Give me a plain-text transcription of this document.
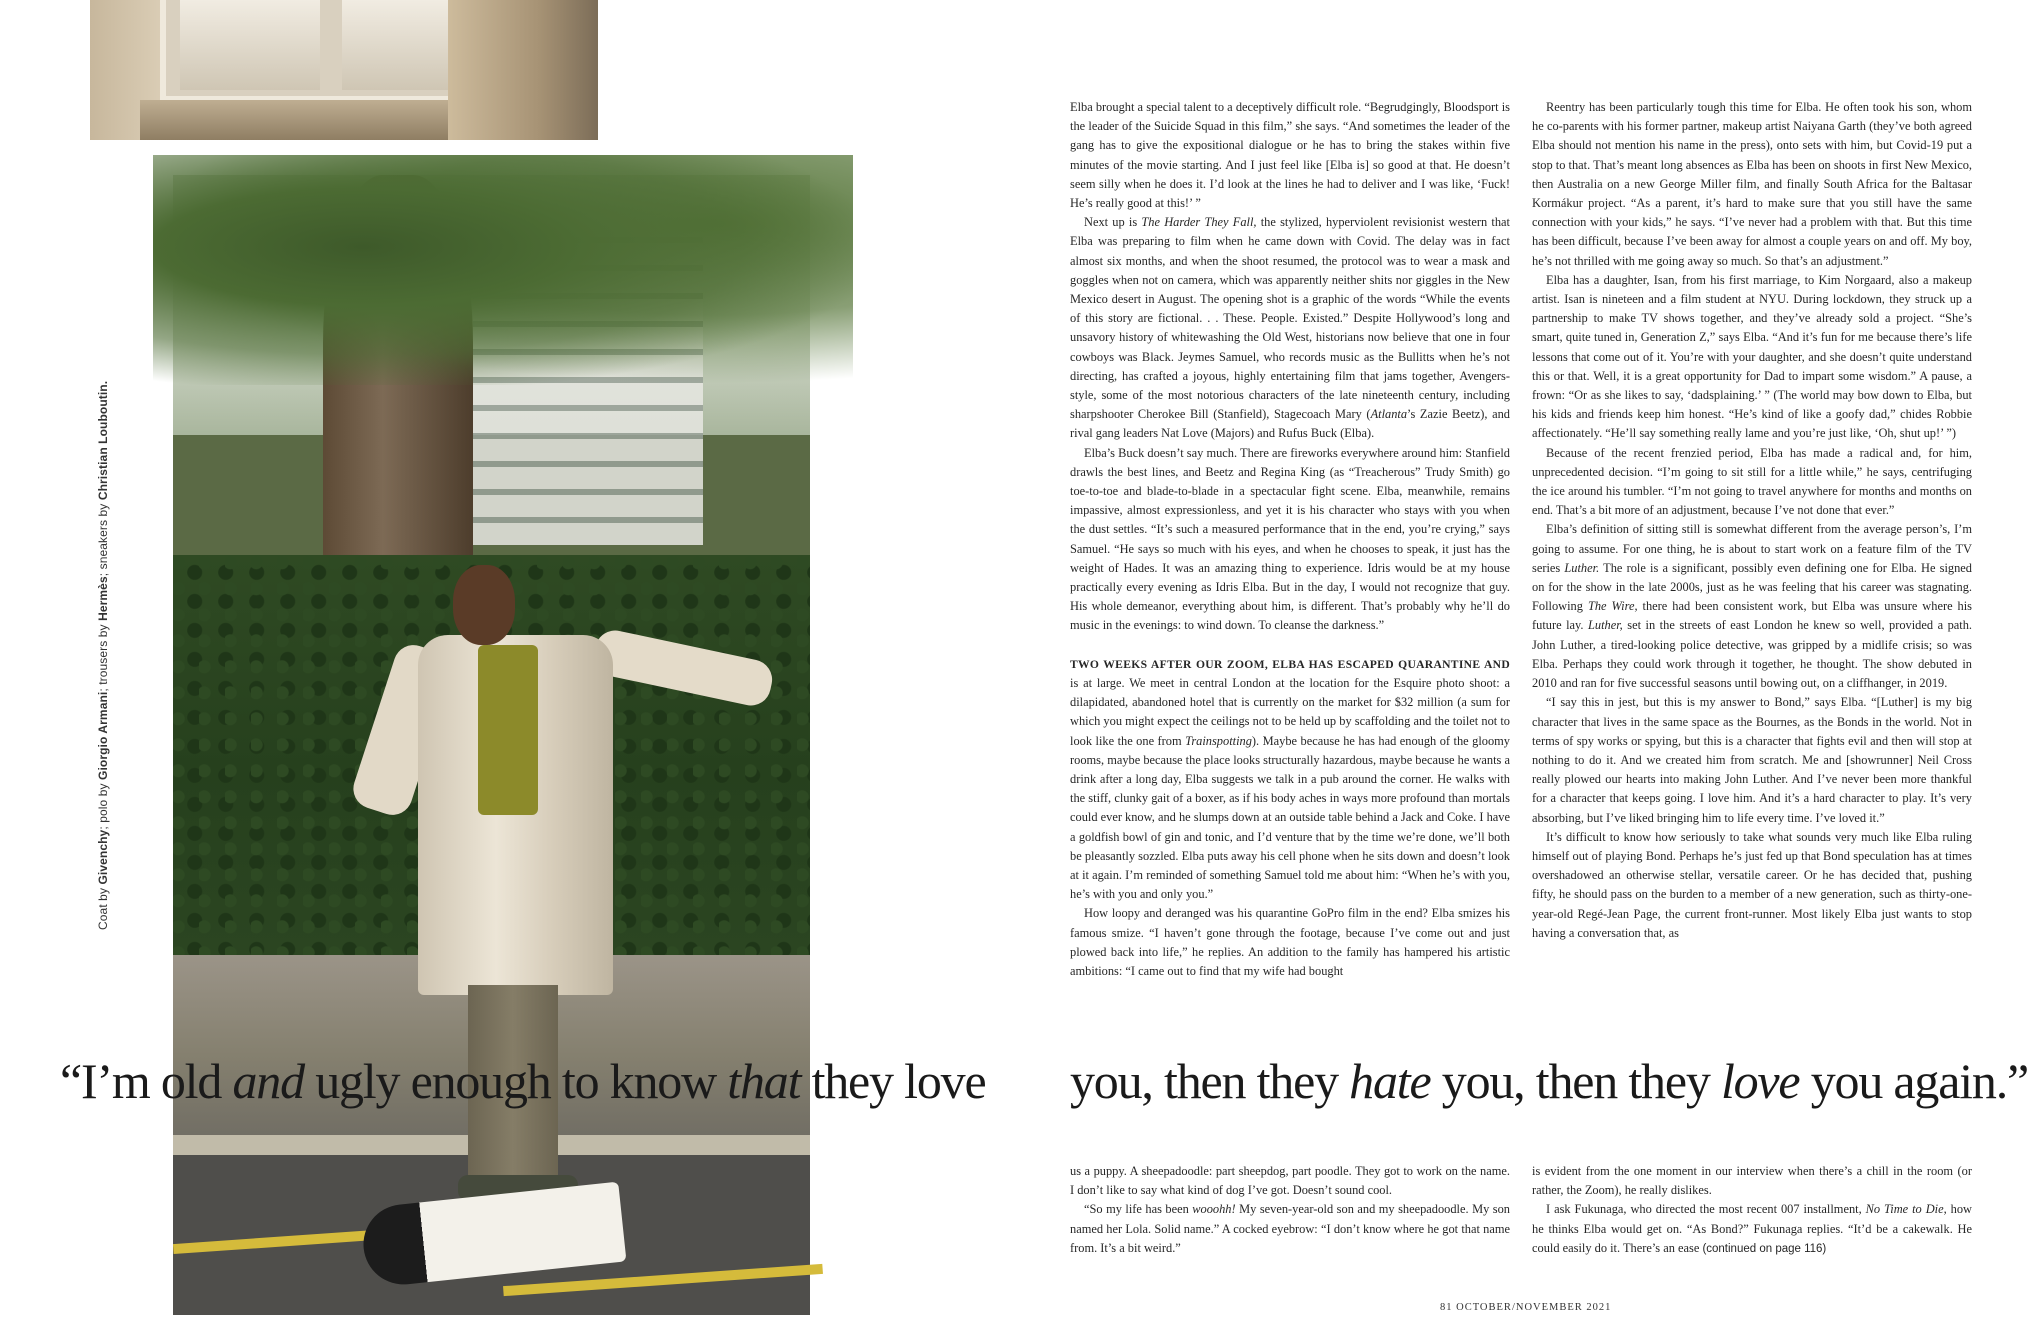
Coat by Givenchy; polo by Giorgio Armani; trousers by Hermès; sneakers by Christian Louboutin.
“I’m old and ugly enough to know that they love you, then they hate you, then they love you again.”

Elba brought a special talent to a deceptively difficult role. “Begrudgingly, Bloodsport is the leader of the Suicide Squad in this film,” she says. “And sometimes the leader of the gang has to give the expositional dialogue or he has to bring the stakes within five minutes of the movie starting. And I just feel like [Elba is] so good at that. He doesn’t seem silly when he does it. I’d look at the lines he had to deliver and I was like, ‘Fuck! He’s really good at this!’ ”

Next up is The Harder They Fall, the stylized, hyperviolent revisionist western that Elba was preparing to film when he came down with Covid. The delay was in fact almost six months, and when the shoot resumed, the protocol was to wear a mask and goggles when not on camera, which was apparently neither shits nor giggles in the New Mexico desert in August. The opening shot is a graphic of the words “While the events of this story are fictional. . . These. People. Existed.” Despite Hollywood’s long and unsavory history of whitewashing the Old West, historians now believe that one in four cowboys was Black. Jeymes Samuel, who records music as the Bullitts when he’s not directing, has crafted a joyous, highly entertaining film that jams together, Avengers-style, some of the most notorious characters of the late nineteenth century, including sharpshooter Cherokee Bill (Stanfield), Stagecoach Mary (Atlanta’s Zazie Beetz), and rival gang leaders Nat Love (Majors) and Rufus Buck (Elba).

Elba’s Buck doesn’t say much. There are fireworks everywhere around him: Stanfield drawls the best lines, and Beetz and Regina King (as “Treacherous” Trudy Smith) go toe-to-toe and blade-to-blade in a spectacular fight scene. Elba, meanwhile, remains impassive, almost expressionless, and yet it is his character who stays with you when the dust settles. “It’s such a measured performance that in the end, you’re crying,” says Samuel. “He says so much with his eyes, and when he chooses to speak, it just has the weight of Hades. It was an amazing thing to experience. Idris would be at my house practically every evening as Idris Elba. But in the day, I would not recognize that guy. His whole demeanor, everything about him, is different. That’s probably why he’ll do music in the evenings: to wind down. To cleanse the darkness.”

TWO WEEKS AFTER OUR ZOOM, ELBA HAS ESCAPED QUARANTINE AND is at large. We meet in central London at the location for the Esquire photo shoot: a dilapidated, abandoned hotel that is currently on the market for $32 million (a sum for which you might expect the ceilings not to be held up by scaffolding and the toilet not to look like the one from Trainspotting). Maybe because he has had enough of the gloomy rooms, maybe because the place looks structurally hazardous, maybe because he wants a drink after a long day, Elba suggests we talk in a pub around the corner. He walks with the stiff, clunky gait of a boxer, as if his body aches in ways more profound than mortals could ever know, and he slumps down at an outside table behind a Jack and Coke. I have a goldfish bowl of gin and tonic, and I’d venture that by the time we’re done, we’ll both be pleasantly sozzled. Elba puts away his cell phone when he sits down and doesn’t look at it again. I’m reminded of something Samuel told me about him: “When he’s with you, he’s with you and only you.”

How loopy and deranged was his quarantine GoPro film in the end? Elba smizes his famous smize. “I haven’t gone through the footage, because I’ve come out and just plowed back into life,” he replies. An addition to the family has hampered his artistic ambitions: “I came out to find that my wife had bought

Reentry has been particularly tough this time for Elba. He often took his son, whom he co-parents with his former partner, makeup artist Naiyana Garth (they’ve both agreed Elba should not mention his name in the press), onto sets with him, but Covid-19 put a stop to that. That’s meant long absences as Elba has been on shoots in first New Mexico, then Australia on a new George Miller film, and finally South Africa for the Baltasar Kormákur project. “As a parent, it’s hard to make sure that you still have the same connection with your kids,” he says. “I’ve never had a problem with that. But this time has been difficult, because I’ve been away for almost a couple years on and off. My boy, he’s not thrilled with me going away so much. So that’s an adjustment.”

Elba has a daughter, Isan, from his first marriage, to Kim Norgaard, also a makeup artist. Isan is nineteen and a film student at NYU. During lockdown, they struck up a partnership to make TV shows together, and they’ve already sold a project. “She’s smart, quite tuned in, Generation Z,” says Elba. “And it’s fun for me because there’s life lessons that come out of it. You’re with your daughter, and she doesn’t quite understand this or that. Well, it is a great opportunity for Dad to impart some wisdom.” A pause, a frown: “Or as she likes to say, ‘dadsplaining.’ ” (The world may bow down to Elba, but his kids and friends keep him honest. “He’s kind of like a goofy dad,” chides Robbie affectionately. “He’ll say something really lame and you’re just like, ‘Oh, shut up!’ ”)

Because of the recent frenzied period, Elba has made a radical and, for him, unprecedented decision. “I’m going to sit still for a little while,” he says, centrifuging the ice around his tumbler. “I’m not going to travel anywhere for months and months on end. That’s a bit more of an adjustment, because I’ve not done that ever.”

Elba’s definition of sitting still is somewhat different from the average person’s, I’m going to assume. For one thing, he is about to start work on a feature film of the TV series Luther. The role is a significant, possibly even defining one for Elba. He signed on for the show in the late 2000s, just as he was feeling that his career was stagnating. Following The Wire, there had been consistent work, but Elba was unsure where his future lay. Luther, set in the streets of east London he knew so well, provided a path. John Luther, a tired-looking police detective, was gripped by a midlife crisis; so was Elba. Perhaps they could work through it together, he thought. The show debuted in 2010 and ran for five successful seasons until bowing out, on a cliffhanger, in 2019.

“I say this in jest, but this is my answer to Bond,” says Elba. “[Luther] is my big character that lives in the same space as the Bournes, as the Bonds in the world. Not in terms of spy works or spying, but this is a character that fights evil and then will stop at nothing to do it. And we created him from scratch. Me and [showrunner] Neil Cross really plowed our hearts into making John Luther. And I’ve never been more thankful for a character that keeps going. I love him. And it’s a hard character to play. It’s very absorbing, but I’ve liked bringing him to life every time. I’ve loved it.”

It’s difficult to know how seriously to take what sounds very much like Elba ruling himself out of playing Bond. Perhaps he’s just fed up that Bond speculation has at times overshadowed an otherwise stellar, versatile career. Or he has decided that, pushing fifty, he should pass on the burden to a member of a new generation, such as thirty-one-year-old Regé-Jean Page, the current front-runner. Most likely Elba just wants to stop having a conversation that, as

us a puppy. A sheepadoodle: part sheepdog, part poodle. They got to work on the name. I don’t like to say what kind of dog I’ve got. Doesn’t sound cool.

“So my life has been wooohh! My seven-year-old son and my sheepadoodle. My son named her Lola. Solid name.” A cocked eyebrow: “I don’t know where he got that name from. It’s a bit weird.”

is evident from the one moment in our interview when there’s a chill in the room (or rather, the Zoom), he really dislikes.

I ask Fukunaga, who directed the most recent 007 installment, No Time to Die, how he thinks Elba would get on. “As Bond?” Fukunaga replies. “It’d be a cakewalk. He could easily do it. There’s an ease (continued on page 116)

81 OCTOBER/NOVEMBER 2021
